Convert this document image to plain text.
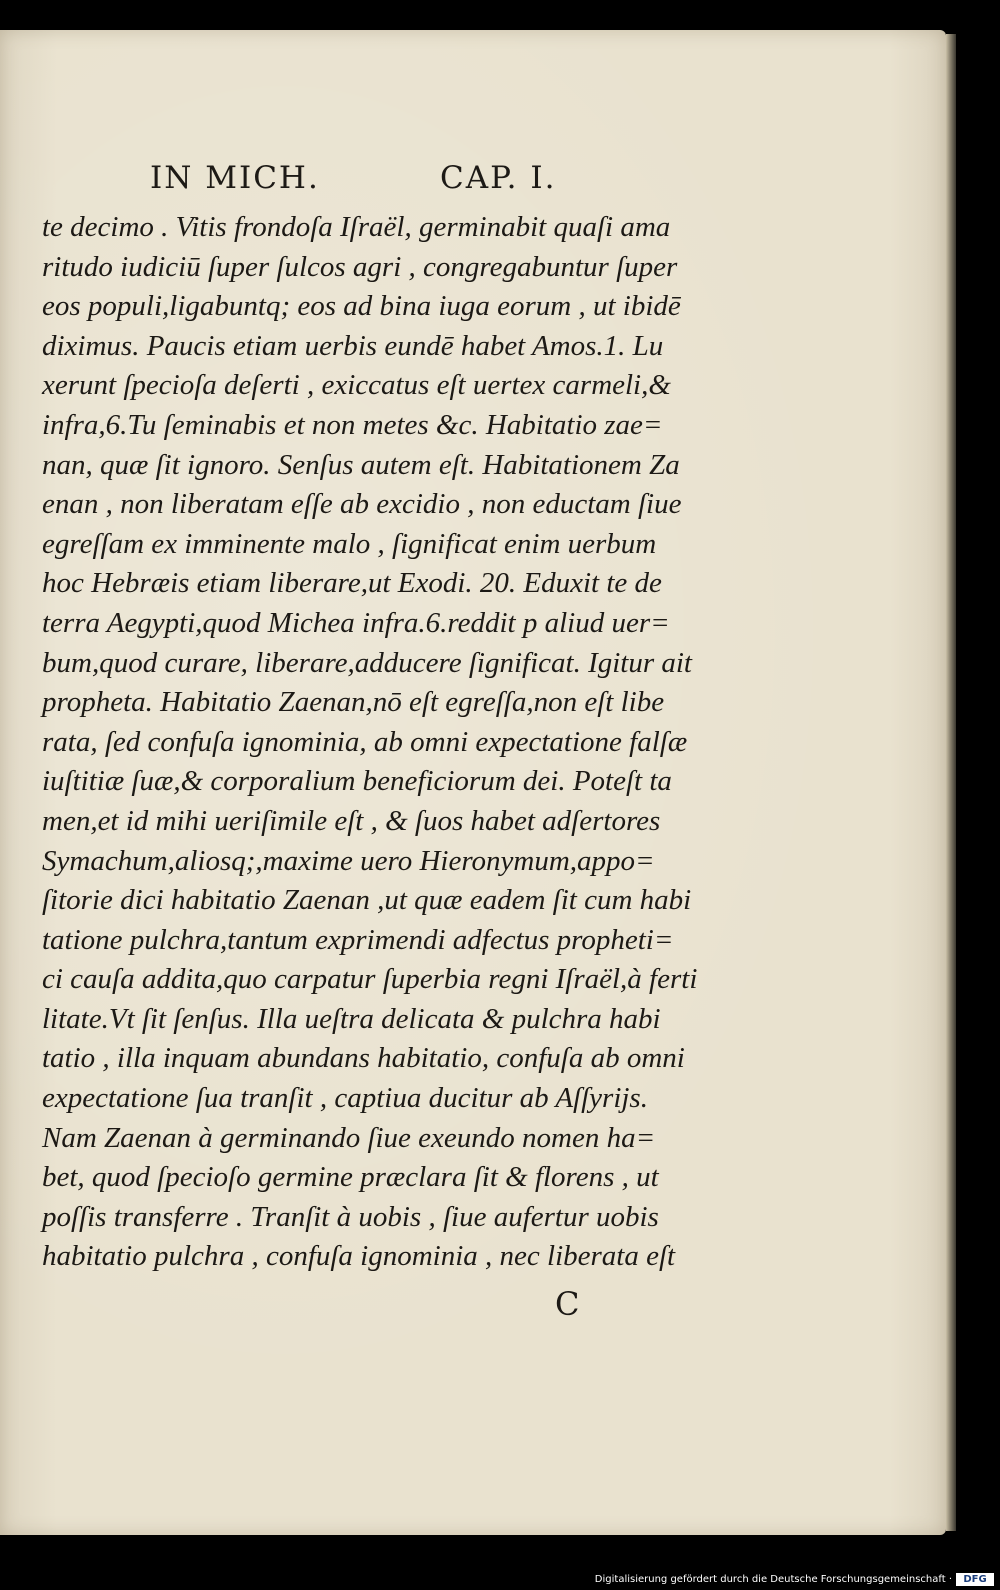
IN MICH.	CAP. I.
te decimo . Vitis frondoſa Iſraël, germinabit quaſi ama
ritudo iudiciū ſuper ſulcos agri , congregabuntur ſuper
eos populi,ligabuntq; eos ad bina iuga eorum , ut ibidē
diximus. Paucis etiam uerbis eundē habet Amos.1. Lu
xerunt ſpecioſa deſerti , exiccatus eſt uertex carmeli,&
infra,6.Tu ſeminabis et non metes &c. Habitatio zae=
nan, quæ ſit ignoro. Senſus autem eſt. Habitationem Za
enan , non liberatam eſſe ab excidio , non eductam ſiue
egreſſam ex imminente malo , ſignificat enim uerbum
hoc Hebræis etiam liberare,ut Exodi. 20. Eduxit te de
terra Aegypti,quod Michea infra.6.reddit p aliud uer=
bum,quod curare, liberare,adducere ſignificat. Igitur ait
propheta. Habitatio Zaenan,nō eſt egreſſa,non eſt libe
rata, ſed confuſa ignominia, ab omni expectatione falſæ
iuſtitiæ ſuæ,& corporalium beneficiorum dei. Poteſt ta
men,et id mihi ueriſimile eſt , & ſuos habet adſertores
Symachum,aliosq;,maxime uero Hieronymum,appo=
ſitorie dici habitatio Zaenan ,ut quæ eadem ſit cum habi
tatione pulchra,tantum exprimendi adfectus propheti=
ci cauſa addita,quo carpatur ſuperbia regni Iſraël,à ferti
litate.Vt ſit ſenſus. Illa ueſtra delicata & pulchra habi
tatio , illa inquam abundans habitatio, confuſa ab omni
expectatione ſua tranſit , captiua ducitur ab Aſſyrijs.
Nam Zaenan à germinando ſiue exeundo nomen ha=
bet, quod ſpecioſo germine præclara ſit & florens , ut
poſſis transferre . Tranſit à uobis , ſiue aufertur uobis
habitatio pulchra , confuſa ignominia , nec liberata eſt
C
Digitalisierung gefördert durch die Deutsche Forschungsgemeinschaft ·	DFG
